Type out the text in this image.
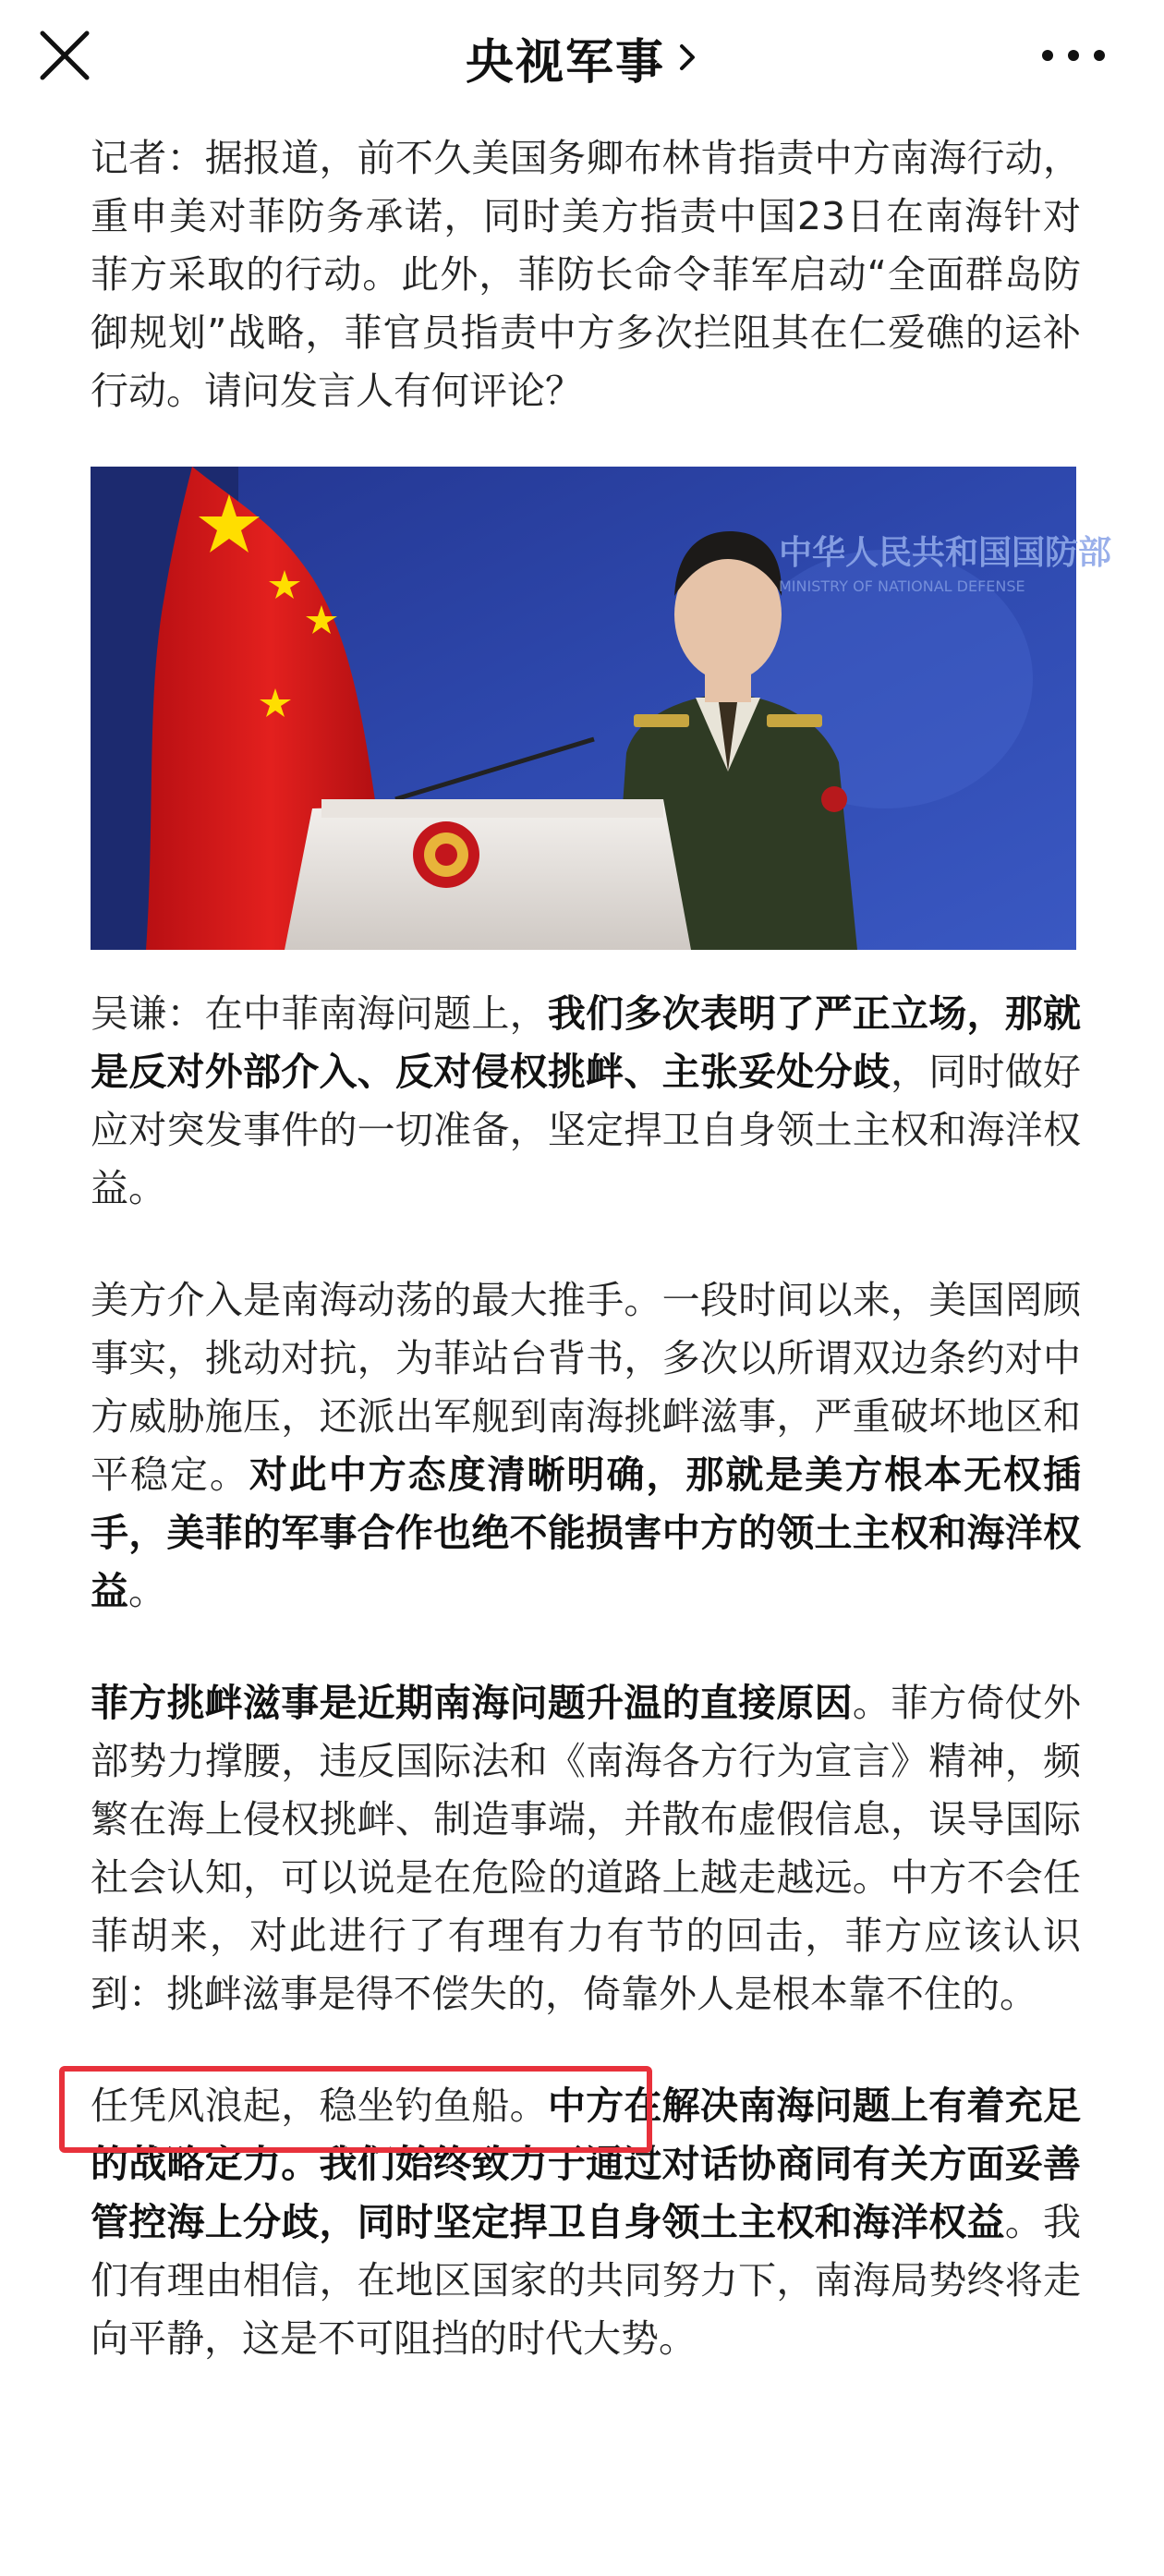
央视军事

记者：据报道，前不久美国务卿布林肯指责中方南海行动，重申美对菲防务承诺，同时美方指责中国23日在南海针对菲方采取的行动。此外，菲防长命令菲军启动“全面群岛防御规划”战略，菲官员指责中方多次拦阻其在仁爱礁的运补行动。请问发言人有何评论？

中华人民共和国国防部
MINISTRY OF NATIONAL DEFENSE

吴谦：在中菲南海问题上，我们多次表明了严正立场，那就是反对外部介入、反对侵权挑衅、主张妥处分歧，同时做好应对突发事件的一切准备，坚定捍卫自身领土主权和海洋权益。

美方介入是南海动荡的最大推手。一段时间以来，美国罔顾事实，挑动对抗，为菲站台背书，多次以所谓双边条约对中方威胁施压，还派出军舰到南海挑衅滋事，严重破坏地区和平稳定。对此中方态度清晰明确，那就是美方根本无权插手，美菲的军事合作也绝不能损害中方的领土主权和海洋权益。

菲方挑衅滋事是近期南海问题升温的直接原因。菲方倚仗外部势力撑腰，违反国际法和《南海各方行为宣言》精神，频繁在海上侵权挑衅、制造事端，并散布虚假信息，误导国际社会认知，可以说是在危险的道路上越走越远。中方不会任菲胡来，对此进行了有理有力有节的回击，菲方应该认识到：挑衅滋事是得不偿失的，倚靠外人是根本靠不住的。

任凭风浪起，稳坐钓鱼船。中方在解决南海问题上有着充足的战略定力。我们始终致力于通过对话协商同有关方面妥善管控海上分歧，同时坚定捍卫自身领土主权和海洋权益。我们有理由相信，在地区国家的共同努力下，南海局势终将走向平静，这是不可阻挡的时代大势。
